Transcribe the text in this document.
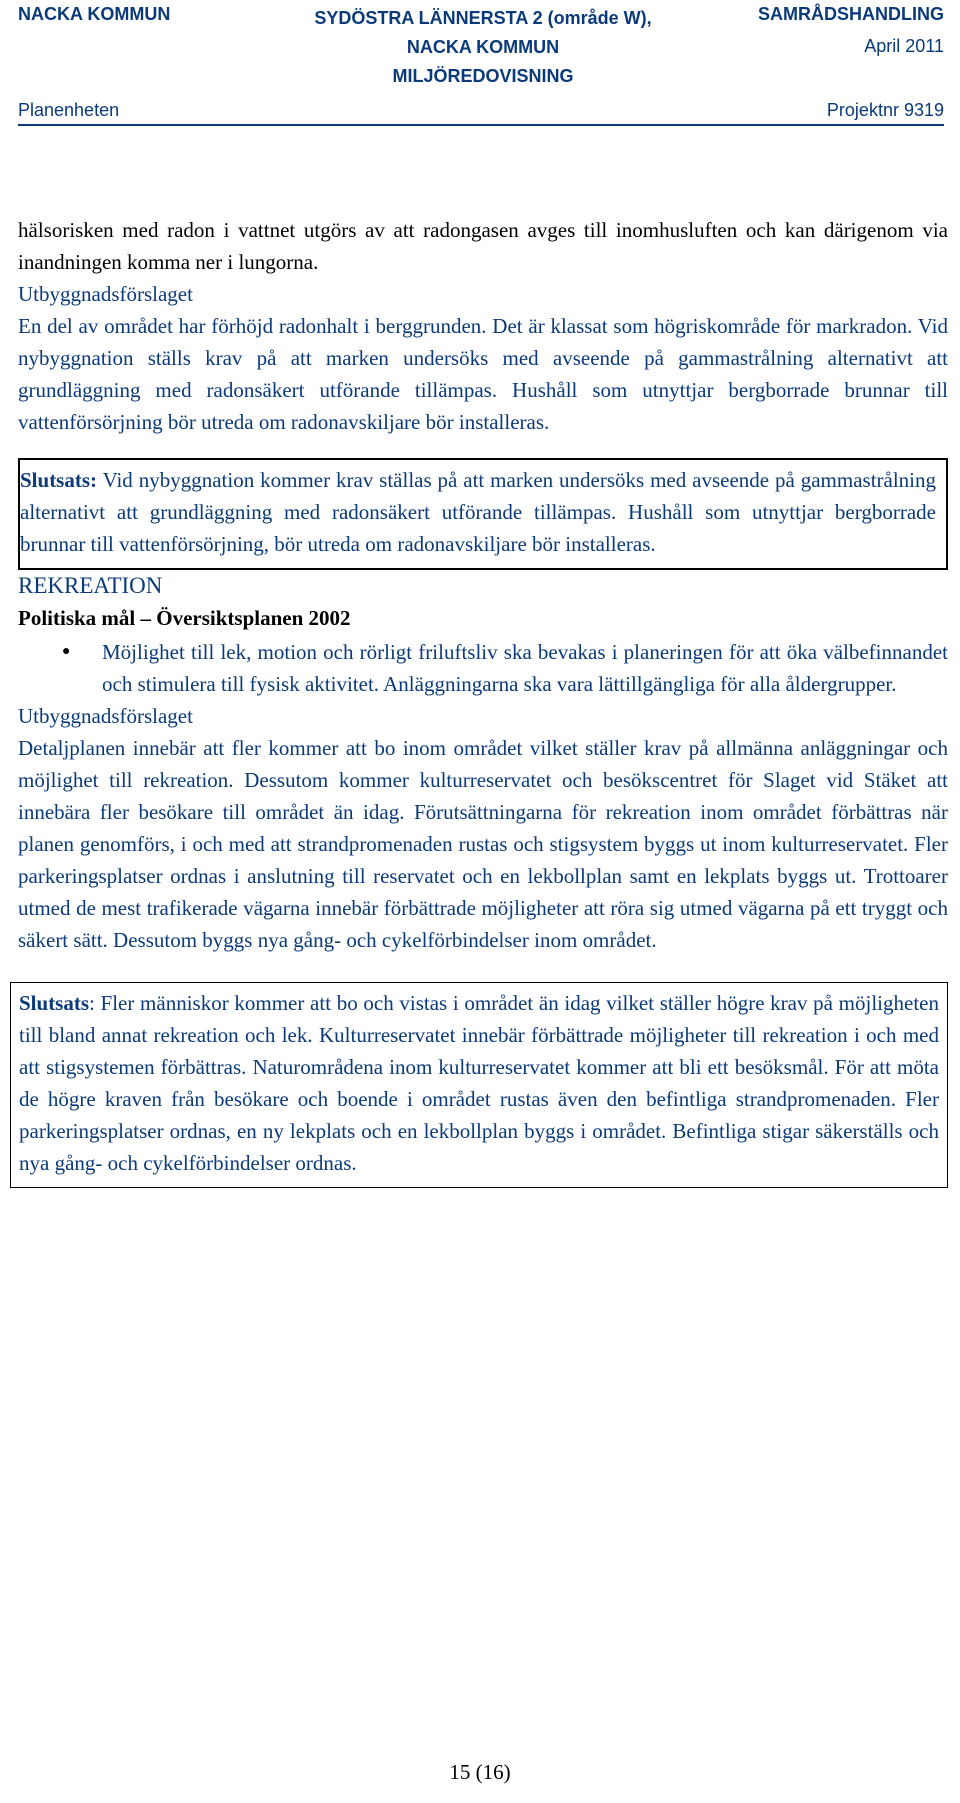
NACKA KOMMUN
Planenheten
SYDÖSTRA LÄNNERSTA 2 (område W),
NACKA KOMMUN
MILJÖREDOVISNING
SAMRÅDSHANDLING
April 2011
Projektnr 9319

hälsorisken med radon i vattnet utgörs av att radongasen avges till inomhusluften och kan därigenom via inandningen komma ner i lungorna.

Utbyggnadsförslaget

En del av området har förhöjd radonhalt i berggrunden. Det är klassat som högriskområde för markradon. Vid nybyggnation ställs krav på att marken undersöks med avseende på gammastrålning alternativt att grundläggning med radonsäkert utförande tillämpas. Hushåll som utnyttjar bergborrade brunnar till vattenförsörjning bör utreda om radonavskiljare bör installeras.

Slutsats: Vid nybyggnation kommer krav ställas på att marken undersöks med avseende på gammastrålning alternativt att grundläggning med radonsäkert utförande tillämpas. Hushåll som utnyttjar bergborrade brunnar till vattenförsörjning, bör utreda om radonavskiljare bör installeras.

REKREATION

Politiska mål – Översiktsplanen 2002

● Möjlighet till lek, motion och rörligt friluftsliv ska bevakas i planeringen för att öka välbefinnandet och stimulera till fysisk aktivitet. Anläggningarna ska vara lättillgängliga för alla åldergrupper.

Utbyggnadsförslaget

Detaljplanen innebär att fler kommer att bo inom området vilket ställer krav på allmänna anläggningar och möjlighet till rekreation. Dessutom kommer kulturreservatet och besökscentret för Slaget vid Stäket att innebära fler besökare till området än idag. Förutsättningarna för rekreation inom området förbättras när planen genomförs, i och med att strandpromenaden rustas och stigsystem byggs ut inom kulturreservatet. Fler parkeringsplatser ordnas i anslutning till reservatet och en lekbollplan samt en lekplats byggs ut. Trottoarer utmed de mest trafikerade vägarna innebär förbättrade möjligheter att röra sig utmed vägarna på ett tryggt och säkert sätt. Dessutom byggs nya gång- och cykelförbindelser inom området.

Slutsats: Fler människor kommer att bo och vistas i området än idag vilket ställer högre krav på möjligheten till bland annat rekreation och lek. Kulturreservatet innebär förbättrade möjligheter till rekreation i och med att stigsystemen förbättras. Naturområdena inom kulturreservatet kommer att bli ett besöksmål. För att möta de högre kraven från besökare och boende i området rustas även den befintliga strandpromenaden. Fler parkeringsplatser ordnas, en ny lekplats och en lekbollplan byggs i området. Befintliga stigar säkerställs och nya gång- och cykelförbindelser ordnas.

15 (16)
